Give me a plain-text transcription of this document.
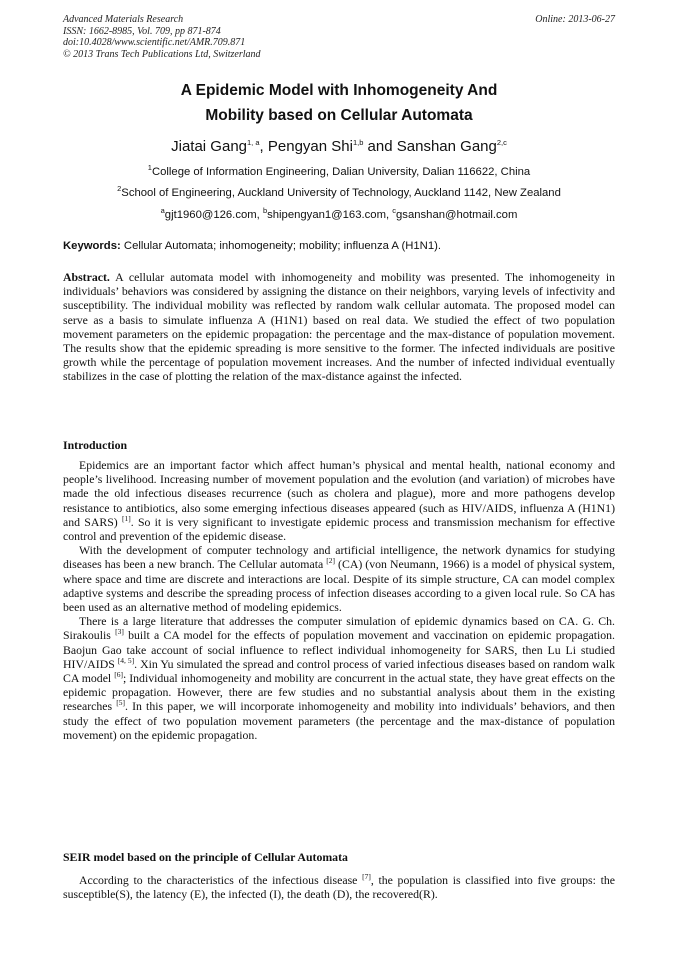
Advanced Materials Research
ISSN: 1662-8985, Vol. 709, pp 871-874
doi:10.4028/www.scientific.net/AMR.709.871
© 2013 Trans Tech Publications Ltd, Switzerland
Online: 2013-06-27
A Epidemic Model with Inhomogeneity And
Mobility based on Cellular Automata
Jiatai Gang$^{1, a}$, Pengyan Shi$^{1,b}$ and Sanshan Gang$^{2,c}$
$^1$College of Information Engineering, Dalian University, Dalian 116622, China
$^2$School of Engineering, Auckland University of Technology, Auckland 1142, New Zealand
$^a$gjt1960@126.com, $^b$shipengyan1@163.com, $^c$gsanshan@hotmail.com
Keywords: Cellular Automata; inhomogeneity; mobility; influenza A (H1N1).

Abstract. A cellular automata model with inhomogeneity and mobility was presented. The inhomogeneity in individuals’ behaviors was considered by assigning the distance on their neighbors, varying levels of infectivity and susceptibility. The individual mobility was reflected by random walk cellular automata. The proposed model can serve as a basis to simulate influenza A (H1N1) based on real data. We studied the effect of two population movement parameters on the epidemic propagation: the percentage and the max-distance of population movement. The results show that the epidemic spreading is more sensitive to the former. The infected individuals are positive growth while the percentage of population movement increases. And the number of infected individual eventually stabilizes in the case of plotting the relation of the max-distance against the infected.

Introduction

Epidemics are an important factor which affect human’s physical and mental health, national economy and people’s livelihood. Increasing number of movement population and the evolution (and variation) of microbes have made the old infectious diseases recurrence (such as cholera and plague), more and more pathogens develop resistance to antibiotics, also some emerging infectious diseases appeared (such as HIV/AIDS, influenza A (H1N1) and SARS) [1]. So it is very significant to investigate epidemic process and transmission mechanism for effective control and prevention of the epidemic disease.

With the development of computer technology and artificial intelligence, the network dynamics for studying diseases has been a new branch. The Cellular automata [2] (CA) (von Neumann, 1966) is a model of physical system, where space and time are discrete and interactions are local. Despite of its simple structure, CA can model complex adaptive systems and describe the spreading process of infection diseases according to a given local rule. So CA has been used as an alternative method of modeling epidemics.

There is a large literature that addresses the computer simulation of epidemic dynamics based on CA. G. Ch. Sirakoulis [3] built a CA model for the effects of population movement and vaccination on epidemic propagation. Baojun Gao take account of social influence to reflect individual inhomogeneity for SARS, then Lu Li studied HIV/AIDS [4, 5]. Xin Yu simulated the spread and control process of varied infectious diseases based on random walk CA model [6]; Individual inhomogeneity and mobility are concurrent in the actual state, they have great effects on the epidemic propagation. However, there are few studies and no substantial analysis about them in the existing researches [5]. In this paper, we will incorporate inhomogeneity and mobility into individuals’ behaviors, and then study the effect of two population movement parameters (the percentage and the max-distance of population movement) on the epidemic propagation.

SEIR model based on the principle of Cellular Automata

According to the characteristics of the infectious disease [7], the population is classified into five groups: the susceptible(S), the latency (E), the infected (I), the death (D), the recovered(R).
